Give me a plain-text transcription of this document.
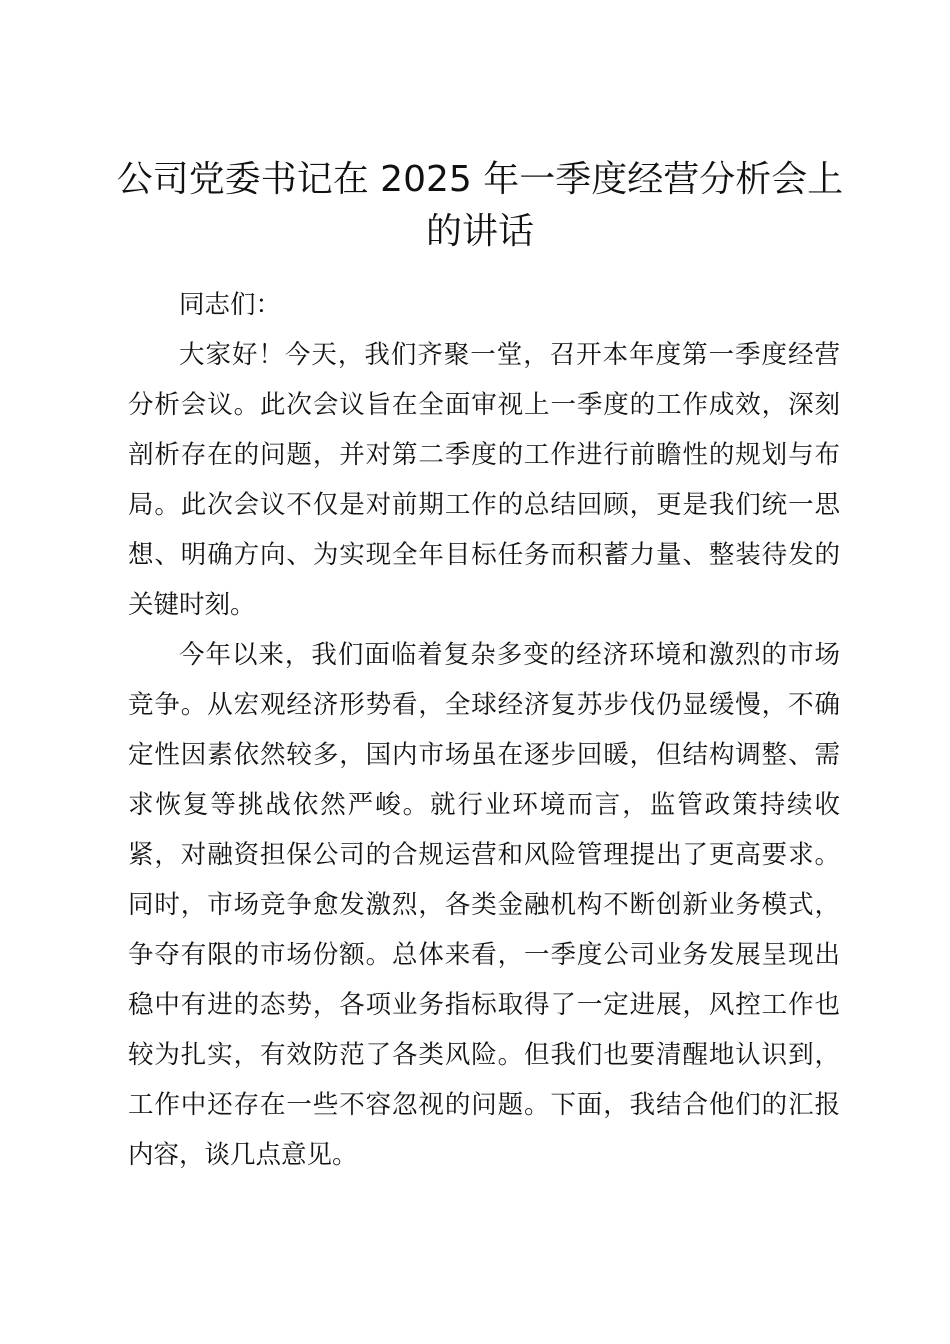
公司党委书记在 2025 年一季度经营分析会上的讲话

同志们：

大家好！今天，我们齐聚一堂，召开本年度第一季度经营分析会议。此次会议旨在全面审视上一季度的工作成效，深刻剖析存在的问题，并对第二季度的工作进行前瞻性的规划与布局。此次会议不仅是对前期工作的总结回顾，更是我们统一思想、明确方向、为实现全年目标任务而积蓄力量、整装待发的关键时刻。

今年以来，我们面临着复杂多变的经济环境和激烈的市场竞争。从宏观经济形势看，全球经济复苏步伐仍显缓慢，不确定性因素依然较多，国内市场虽在逐步回暖，但结构调整、需求恢复等挑战依然严峻。就行业环境而言，监管政策持续收紧，对融资担保公司的合规运营和风险管理提出了更高要求。同时，市场竞争愈发激烈，各类金融机构不断创新业务模式，争夺有限的市场份额。总体来看，一季度公司业务发展呈现出稳中有进的态势，各项业务指标取得了一定进展，风控工作也较为扎实，有效防范了各类风险。但我们也要清醒地认识到，工作中还存在一些不容忽视的问题。下面，我结合他们的汇报内容，谈几点意见。
